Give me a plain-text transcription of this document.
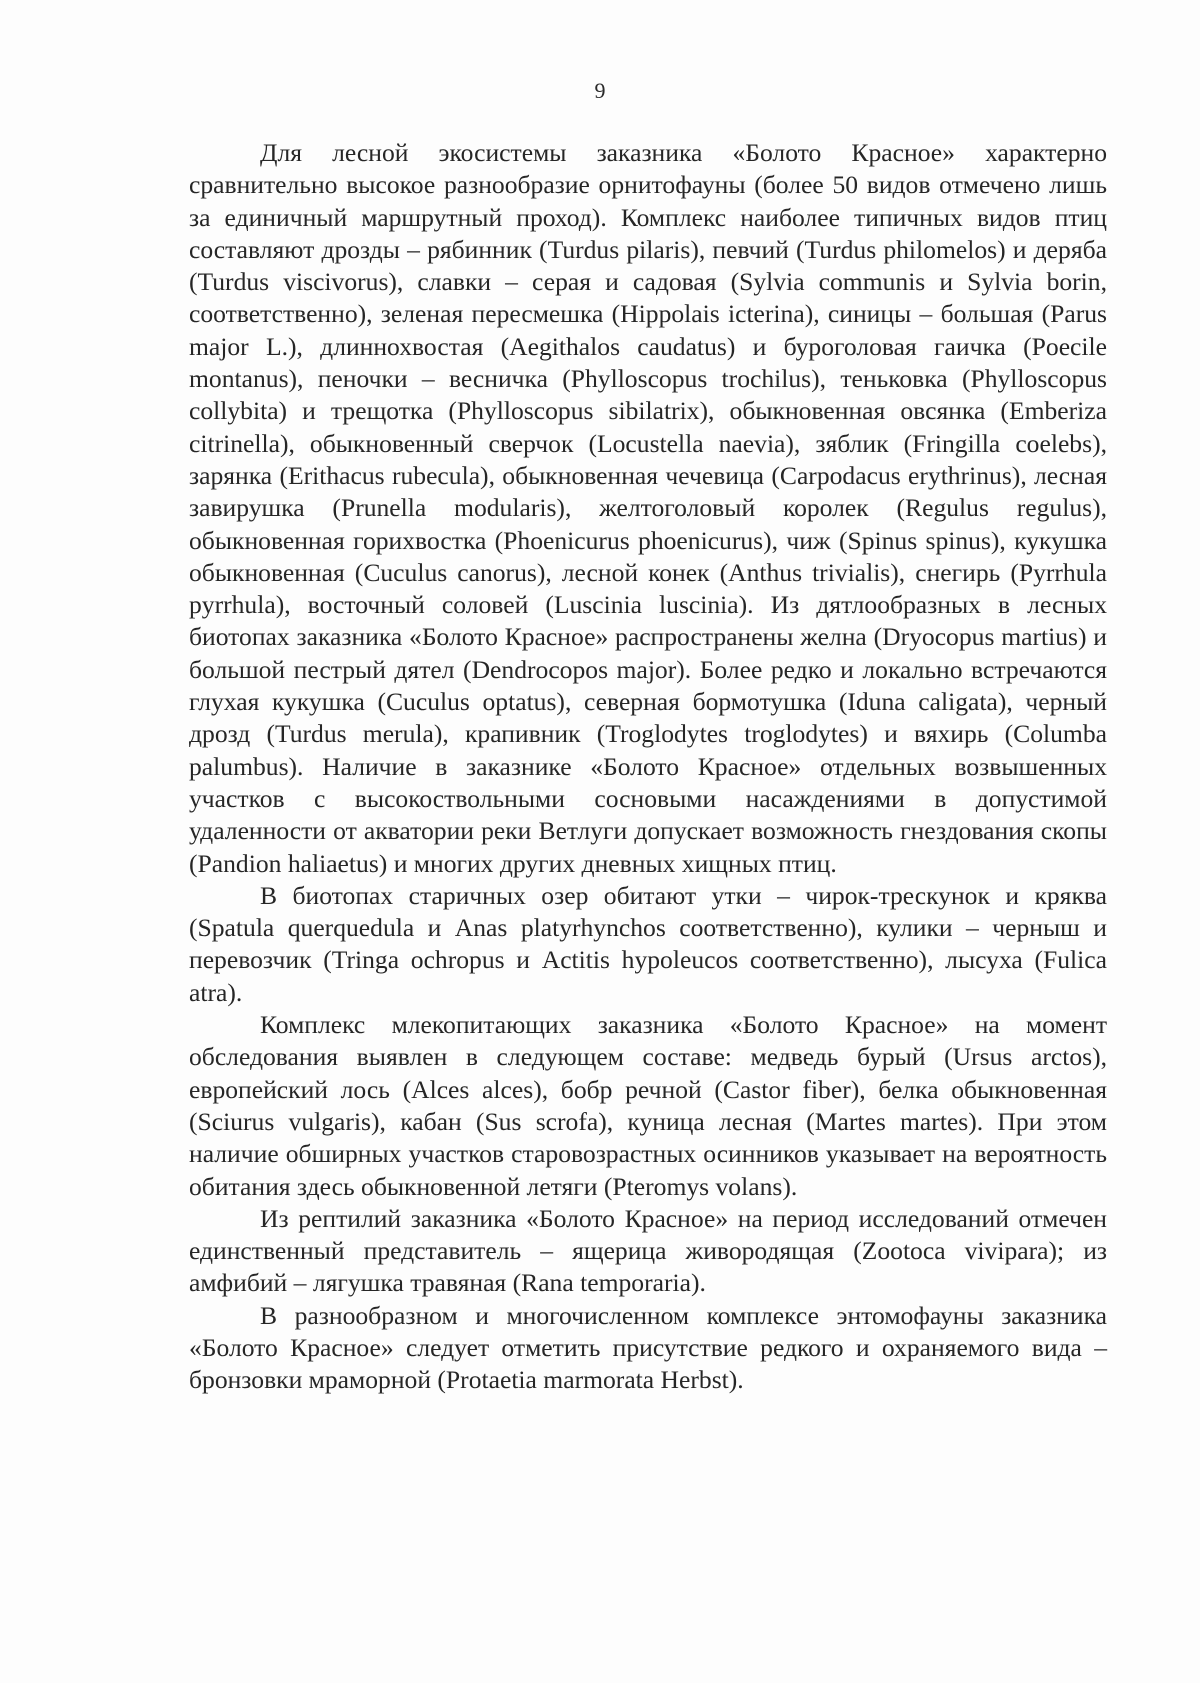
9

Для лесной экосистемы заказника «Болото Красное» характерно сравнительно высокое разнообразие орнитофауны (более 50 видов отмечено лишь за единичный маршрутный проход). Комплекс наиболее типичных видов птиц составляют дрозды – рябинник (Turdus pilaris), певчий (Turdus philomelos) и деряба (Turdus viscivorus), славки – серая и садовая (Sylvia communis и Sylvia borin, соответственно), зеленая пересмешка (Hippolais icterina), синицы – большая (Parus major L.), длиннохвостая (Aegithalos caudatus) и буроголовая гаичка (Poecile montanus), пеночки – весничка (Phylloscopus trochilus), теньковка (Phylloscopus collybita) и трещотка (Phylloscopus sibilatrix), обыкновенная овсянка (Emberiza citrinella), обыкновенный сверчок (Locustella naevia), зяблик (Fringilla coelebs), зарянка (Erithacus rubecula), обыкновенная чечевица (Carpodacus erythrinus), лесная завирушка (Prunella modularis), желтоголовый королек (Regulus regulus), обыкновенная горихвостка (Phoenicurus phoenicurus), чиж (Spinus spinus), кукушка обыкновенная (Cuculus canorus), лесной конек (Anthus trivialis), снегирь (Pyrrhula pyrrhula), восточный соловей (Luscinia luscinia). Из дятлообразных в лесных биотопах заказника «Болото Красное» распространены желна (Dryocopus martius) и большой пестрый дятел (Dendrocopos major). Более редко и локально встречаются глухая кукушка (Cuculus optatus), северная бормотушка (Iduna caligata), черный дрозд (Turdus merula), крапивник (Troglodytes troglodytes) и вяхирь (Columba palumbus). Наличие в заказнике «Болото Красное» отдельных возвышенных участков с высокоствольными сосновыми насаждениями в допустимой удаленности от акватории реки Ветлуги допускает возможность гнездования скопы (Pandion haliaetus) и многих других дневных хищных птиц.

В биотопах старичных озер обитают утки – чирок-трескунок и кряква (Spatula querquedula и Anas platyrhynchos соответственно), кулики – черныш и перевозчик (Tringa ochropus и Actitis hypoleucos соответственно), лысуха (Fulica atra).

Комплекс млекопитающих заказника «Болото Красное» на момент обследования выявлен в следующем составе: медведь бурый (Ursus arctos), европейский лось (Alces alces), бобр речной (Castor fiber), белка обыкновенная (Sciurus vulgaris), кабан (Sus scrofa), куница лесная (Martes martes). При этом наличие обширных участков старовозрастных осинников указывает на вероятность обитания здесь обыкновенной летяги (Pteromys volans).

Из рептилий заказника «Болото Красное» на период исследований отмечен единственный представитель – ящерица живородящая (Zootoca vivipara); из амфибий – лягушка травяная (Rana temporaria).

В разнообразном и многочисленном комплексе энтомофауны заказника «Болото Красное» следует отметить присутствие редкого и охраняемого вида – бронзовки мраморной (Protaetia marmorata Herbst).
